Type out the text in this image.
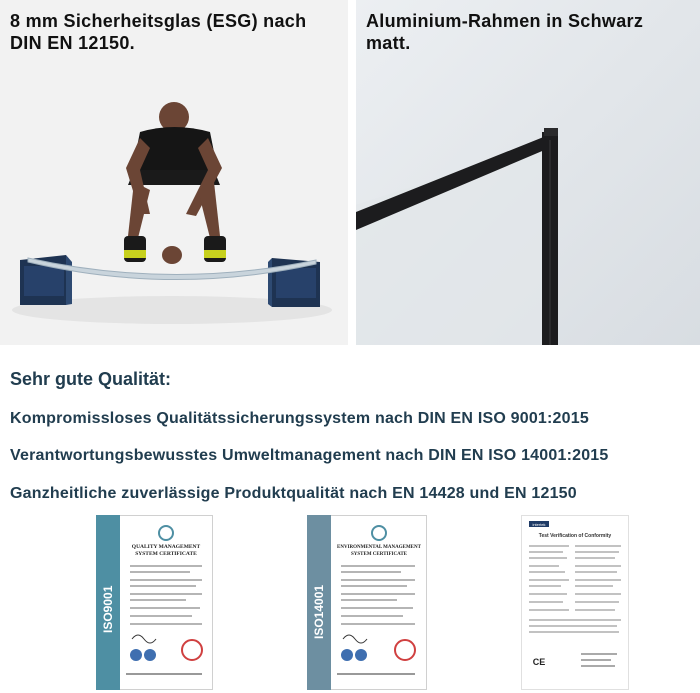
8 mm Sicherheitsglas (ESG) nach
DIN EN 12150.
Aluminium-Rahmen in Schwarz
matt.
Sehr gute Qualität:
Kompromissloses Qualitätssicherungssystem nach DIN EN ISO 9001:2015
Verantwortungsbewusstes Umweltmanagement nach DIN EN ISO 14001:2015
Ganzheitliche zuverlässige Produktqualität nach EN 14428 und EN 12150
ISO9001
QUALITY MANAGEMENT
SYSTEM CERTIFICATE
ISO14001
ENVIRONMENTAL MANAGEMENT
SYSTEM CERTIFICATE
intertek
Test Verification of Conformity
CE
